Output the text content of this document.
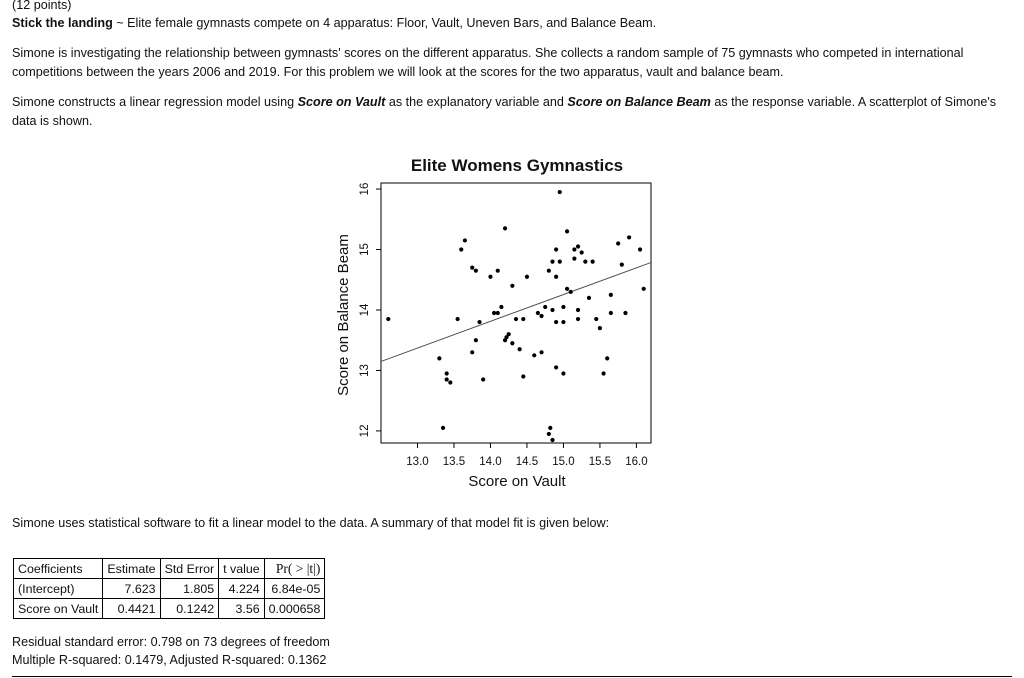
(12 points)
Stick the landing ~ Elite female gymnasts compete on 4 apparatus: Floor, Vault, Uneven Bars, and Balance Beam.
Simone is investigating the relationship between gymnasts' scores on the different apparatus. She collects a random sample of 75 gymnasts who competed in international competitions between the years 2006 and 2019. For this problem we will look at the scores for the two apparatus, vault and balance beam.
Simone constructs a linear regression model using Score on Vault as the explanatory variable and Score on Balance Beam as the response variable. A scatterplot of Simone's data is shown.
Elite Womens Gymnastics
13.0 13.5 14.0 14.5 15.0 15.5 16.0
12
13
14
15
16
Score on Vault
Score on Balance Beam
Simone uses statistical software to fit a linear model to the data. A summary of that model fit is given below:
Coefficients	Estimate	Std Error	t value	Pr( > |t|)
(Intercept)	7.623	1.805	4.224	6.84e-05
Score on Vault	0.4421	0.1242	3.56	0.000658
Residual standard error: 0.798 on 73 degrees of freedom
Multiple R-squared: 0.1479, Adjusted R-squared: 0.1362
